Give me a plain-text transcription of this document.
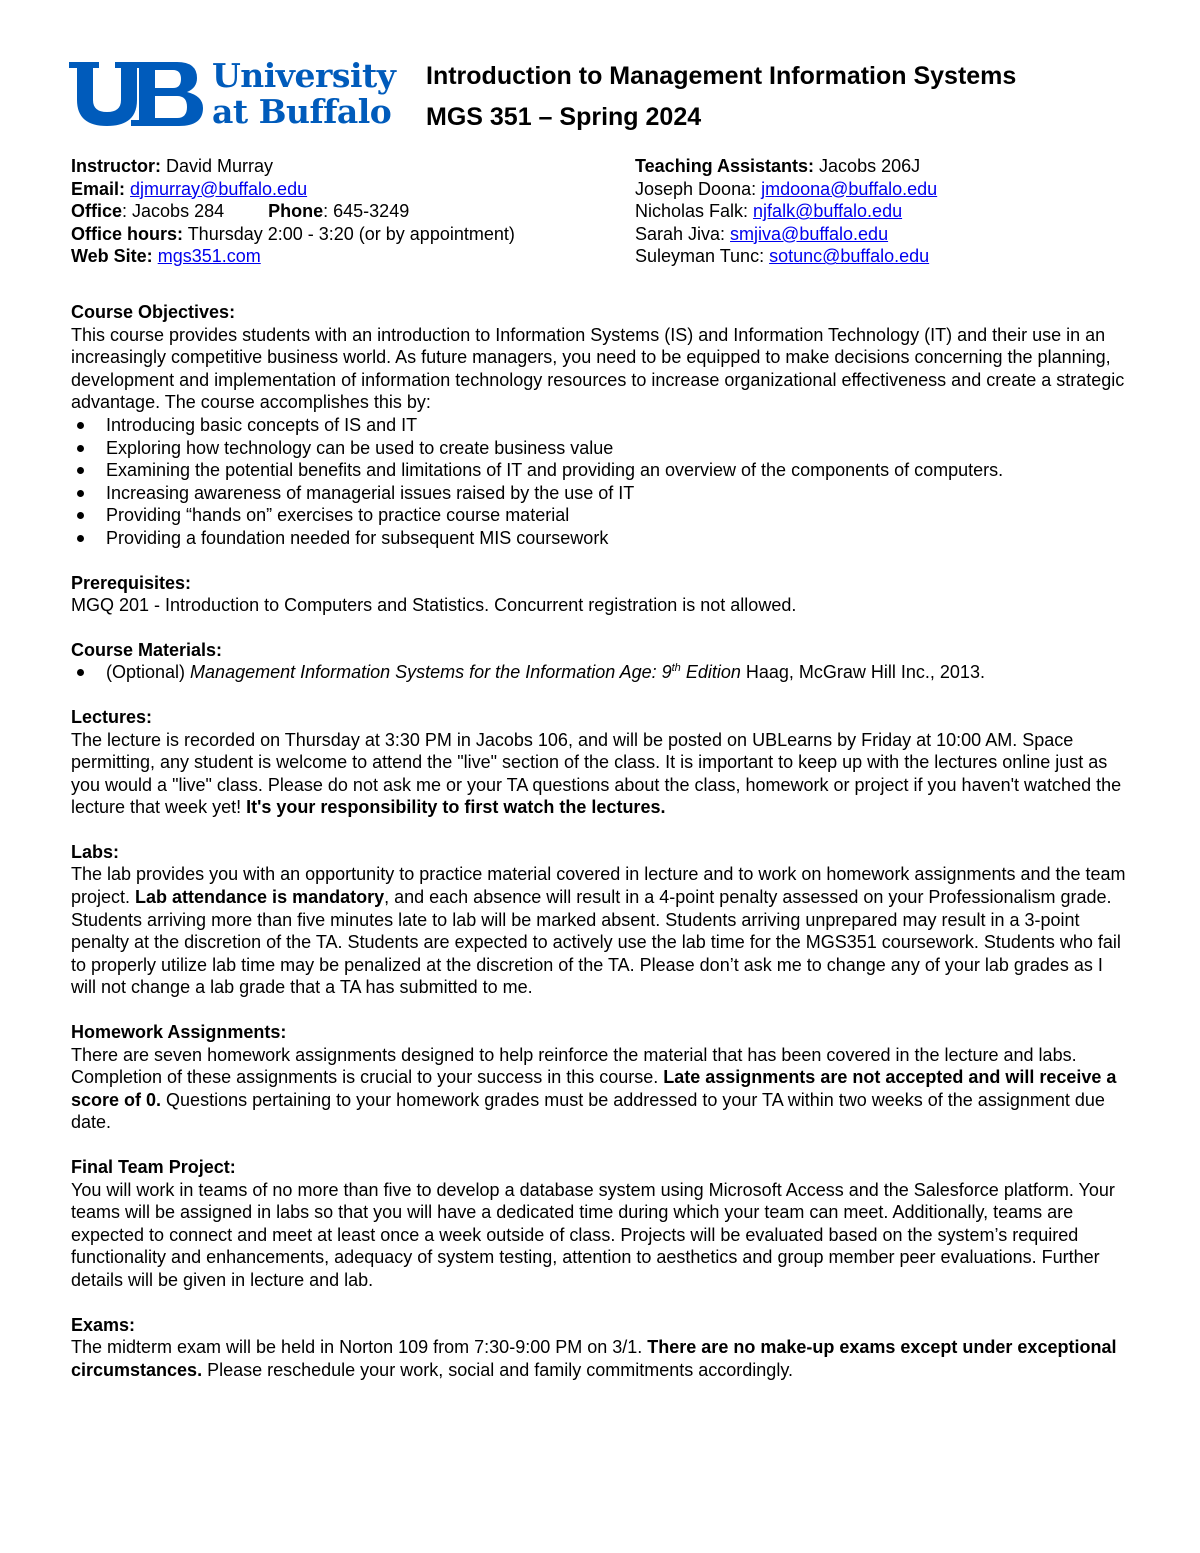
University
at Buffalo
Introduction to Management Information Systems
MGS 351 – Spring 2024
Instructor: David Murray
Email: djmurray@buffalo.edu
Office: Jacobs 284 Phone: 645-3249
Office hours: Thursday 2:00 - 3:20 (or by appointment)
Web Site: mgs351.com
Teaching Assistants: Jacobs 206J
Joseph Doona: jmdoona@buffalo.edu
Nicholas Falk: njfalk@buffalo.edu
Sarah Jiva: smjiva@buffalo.edu
Suleyman Tunc: sotunc@buffalo.edu
Course Objectives:

This course provides students with an introduction to Information Systems (IS) and Information Technology (IT) and their use in an increasingly competitive business world. As future managers, you need to be equipped to make decisions concerning the planning, development and implementation of information technology resources to increase organizational effectiveness and create a strategic advantage. The course accomplishes this by:

Introducing basic concepts of IS and IT
Exploring how technology can be used to create business value
Examining the potential benefits and limitations of IT and providing an overview of the components of computers.
Increasing awareness of managerial issues raised by the use of IT
Providing “hands on” exercises to practice course material
Providing a foundation needed for subsequent MIS coursework
Prerequisites:

MGQ 201 - Introduction to Computers and Statistics. Concurrent registration is not allowed.

Course Materials:
(Optional) Management Information Systems for the Information Age: 9th Edition Haag, McGraw Hill Inc., 2013.
Lectures:

The lecture is recorded on Thursday at 3:30 PM in Jacobs 106, and will be posted on UBLearns by Friday at 10:00 AM. Space permitting, any student is welcome to attend the "live" section of the class. It is important to keep up with the lectures online just as you would a "live" class. Please do not ask me or your TA questions about the class, homework or project if you haven't watched the lecture that week yet! It's your responsibility to first watch the lectures.

Labs:

The lab provides you with an opportunity to practice material covered in lecture and to work on homework assignments and the team project. Lab attendance is mandatory, and each absence will result in a 4-point penalty assessed on your Professionalism grade. Students arriving more than five minutes late to lab will be marked absent. Students arriving unprepared may result in a 3-point penalty at the discretion of the TA. Students are expected to actively use the lab time for the MGS351 coursework. Students who fail to properly utilize lab time may be penalized at the discretion of the TA. Please don’t ask me to change any of your lab grades as I will not change a lab grade that a TA has submitted to me.

Homework Assignments:

There are seven homework assignments designed to help reinforce the material that has been covered in the lecture and labs. Completion of these assignments is crucial to your success in this course. Late assignments are not accepted and will receive a score of 0. Questions pertaining to your homework grades must be addressed to your TA within two weeks of the assignment due date.

Final Team Project:

You will work in teams of no more than five to develop a database system using Microsoft Access and the Salesforce platform. Your teams will be assigned in labs so that you will have a dedicated time during which your team can meet. Additionally, teams are expected to connect and meet at least once a week outside of class. Projects will be evaluated based on the system’s required functionality and enhancements, adequacy of system testing, attention to aesthetics and group member peer evaluations. Further details will be given in lecture and lab.

Exams:

The midterm exam will be held in Norton 109 from 7:30-9:00 PM on 3/1. There are no make-up exams except under exceptional circumstances. Please reschedule your work, social and family commitments accordingly.
